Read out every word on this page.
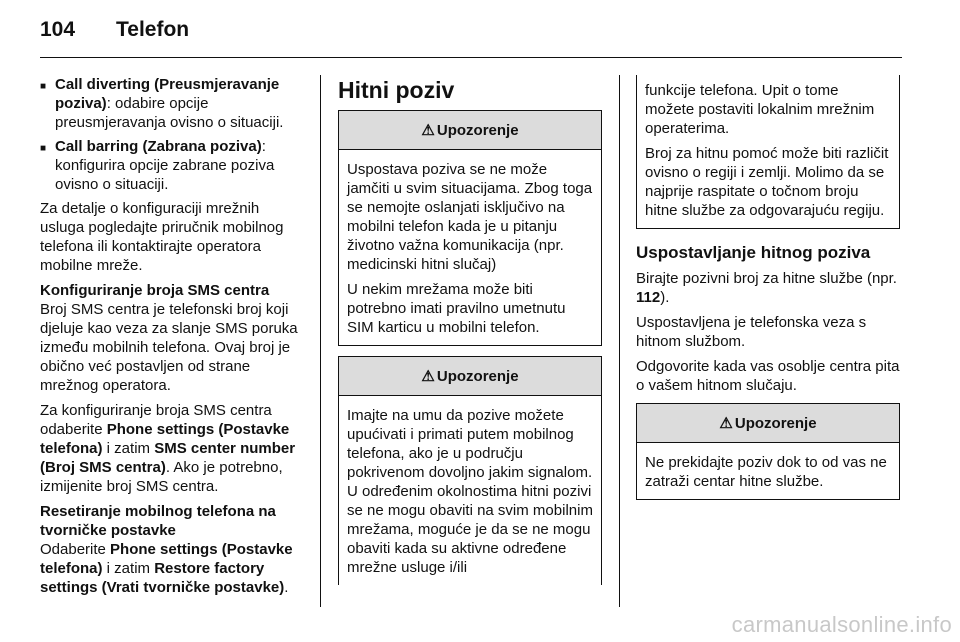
104 Telefon
■ Call diverting (Preusmjeravanje poziva): odabire opcije preusmjeravanja ovisno o situaciji.
■ Call barring (Zabrana poziva): konfigurira opcije zabrane poziva ovisno o situaciji.

Za detalje o konfiguraciji mrežnih usluga pogledajte priručnik mobilnog telefona ili kontaktirajte operatora mobilne mreže.

Konfiguriranje broja SMS centra

Broj SMS centra je telefonski broj koji djeluje kao veza za slanje SMS poruka između mobilnih telefona. Ovaj broj je obično već postavljen od strane mrežnog operatora.

Za konfiguriranje broja SMS centra odaberite Phone settings (Postavke telefona) i zatim SMS center number (Broj SMS centra). Ako je potrebno, izmijenite broj SMS centra.

Resetiranje mobilnog telefona na tvorničke postavke

Odaberite Phone settings (Postavke telefona) i zatim Restore factory settings (Vrati tvorničke postavke).

Hitni poziv
⚠ Upozorenje

Uspostava poziva se ne može jamčiti u svim situacijama. Zbog toga se nemojte oslanjati isključivo na mobilni telefon kada je u pitanju životno važna komunikacija (npr. medicinski hitni slučaj)

U nekim mrežama može biti potrebno imati pravilno umetnutu SIM karticu u mobilni telefon.

⚠ Upozorenje

Imajte na umu da pozive možete upućivati i primati putem mobilnog telefona, ako je u području pokrivenom dovoljno jakim signalom. U određenim okolnostima hitni pozivi se ne mogu obaviti na svim mobilnim mrežama, moguće je da se ne mogu obaviti kada su aktivne određene mrežne usluge i/ili

funkcije telefona. Upit o tome možete postaviti lokalnim mrežnim operaterima.

Broj za hitnu pomoć može biti različit ovisno o regiji i zemlji. Molimo da se najprije raspitate o točnom broju hitne službe za odgovarajuću regiju.

Uspostavljanje hitnog poziva

Birajte pozivni broj za hitne službe (npr. 112).

Uspostavljena je telefonska veza s hitnom službom.

Odgovorite kada vas osoblje centra pita o vašem hitnom slučaju.

⚠ Upozorenje

Ne prekidajte poziv dok to od vas ne zatraži centar hitne službe.

carmanualsonline.info
